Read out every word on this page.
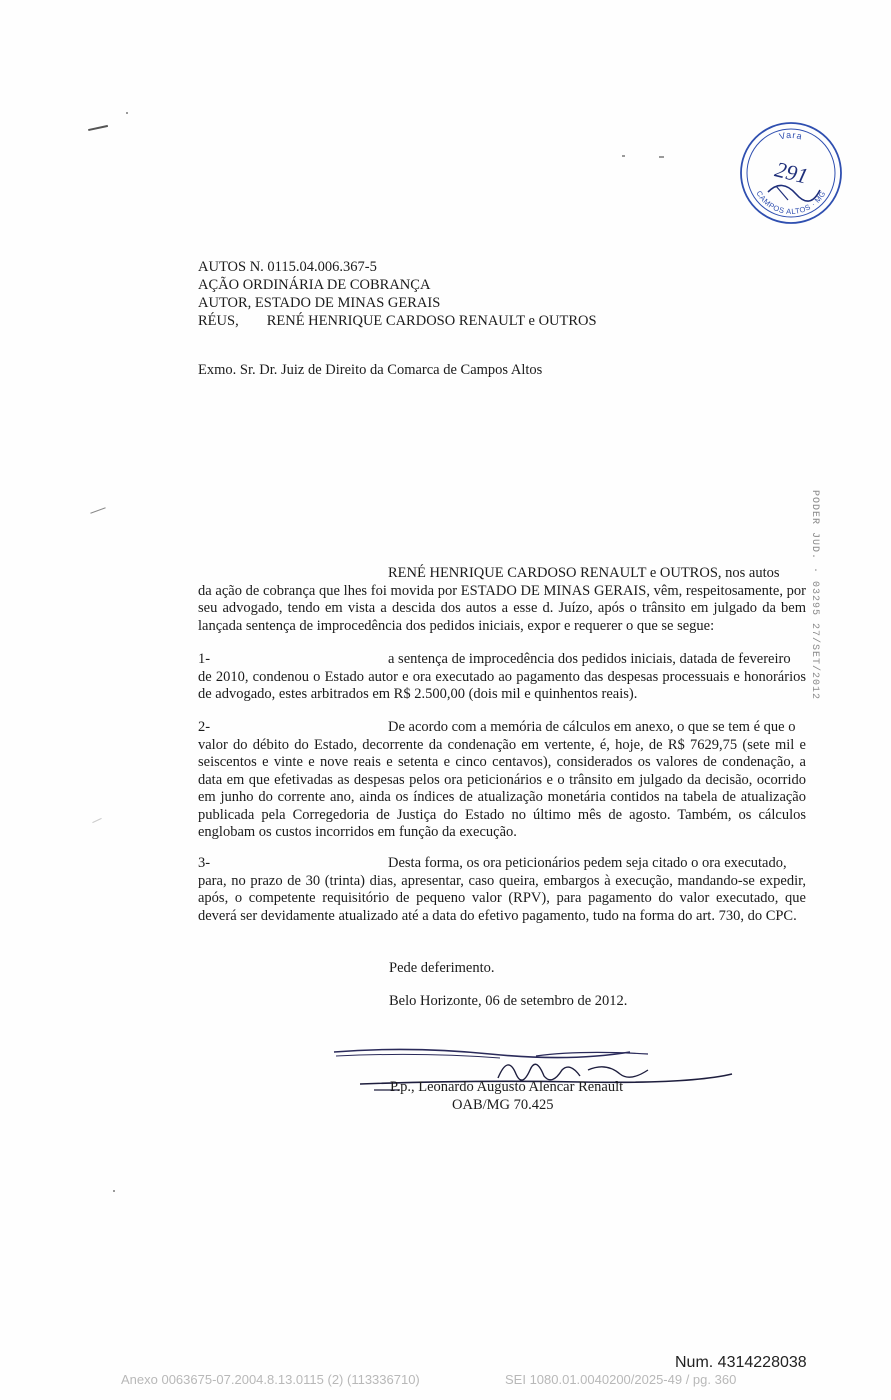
Vara
CAMPOS ALTOS · MG
291
AUTOS N. 0115.04.006.367-5
AÇÃO ORDINÁRIA DE COBRANÇA
AUTOR, ESTADO DE MINAS GERAIS
RÉUS, RENÉ HENRIQUE CARDOSO RENAULT e OUTROS
Exmo. Sr. Dr. Juiz de Direito da Comarca de Campos Altos
PODER JUD. · 03295 27/SET/2012
RENÉ HENRIQUE CARDOSO RENAULT e OUTROS, nos autos
da ação de cobrança que lhes foi movida por ESTADO DE MINAS GERAIS, vêm, respeitosamente, por seu advogado, tendo em vista a descida dos autos a esse d. Juízo, após o trânsito em julgado da bem lançada sentença de improcedência dos pedidos iniciais, expor e requerer o que se segue:
1-	a sentença de improcedência dos pedidos iniciais, datada de fevereiro
de 2010, condenou o Estado autor e ora executado ao pagamento das despesas processuais e honorários de advogado, estes arbitrados em R$ 2.500,00 (dois mil e quinhentos reais).
2-	De acordo com a memória de cálculos em anexo, o que se tem é que o
valor do débito do Estado, decorrente da condenação em vertente, é, hoje, de R$ 7629,75 (sete mil e seiscentos e vinte e nove reais e setenta e cinco centavos), considerados os valores de condenação, a data em que efetivadas as despesas pelos ora peticionários e o trânsito em julgado da decisão, ocorrido em junho do corrente ano, ainda os índices de atualização monetária contidos na tabela de atualização publicada pela Corregedoria de Justiça do Estado no último mês de agosto. Também, os cálculos englobam os custos incorridos em função da execução.
3-	Desta forma, os ora peticionários pedem seja citado o ora executado,
para, no prazo de 30 (trinta) dias, apresentar, caso queira, embargos à execução, mandando-se expedir, após, o competente requisitório de pequeno valor (RPV), para pagamento do valor executado, que deverá ser devidamente atualizado até a data do efetivo pagamento, tudo na forma do art. 730, do CPC.
Pede deferimento.
Belo Horizonte, 06 de setembro de 2012.
P.p., Leonardo Augusto Alencar Renault
OAB/MG 70.425
Num. 4314228038
Anexo 0063675-07.2004.8.13.0115 (2) (113336710)	SEI 1080.01.0040200/2025-49 / pg. 360
